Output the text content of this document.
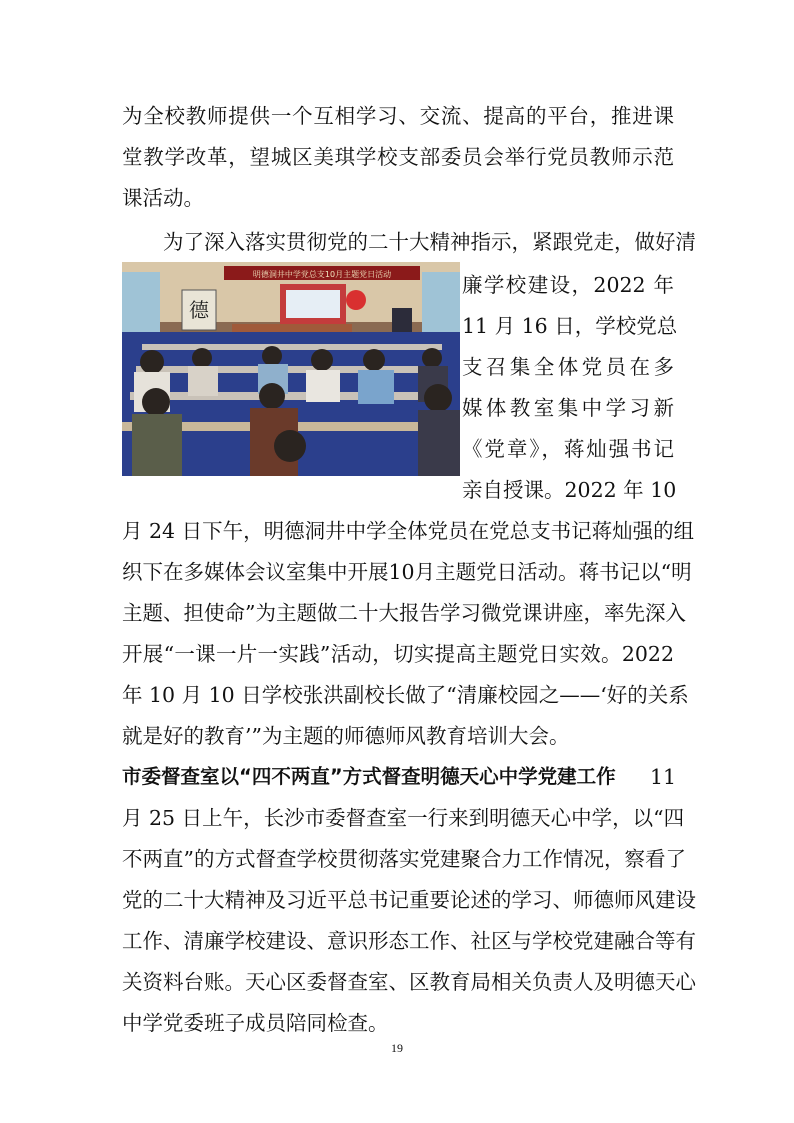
为全校教师提供一个互相学习、交流、提高的平台，推进课
堂教学改革，望城区美琪学校支部委员会举行党员教师示范
课活动。
为了深入落实贯彻党的二十大精神指示，紧跟党走，做好清
明德洞井中学党总支10月主题党日活动
德
廉学校建设，2022 年
11 月 16 日，学校党总
支召集全体党员在多
媒体教室集中学习新
《党章》，蒋灿强书记
亲自授课。2022 年 10
月 24 日下午，明德洞井中学全体党员在党总支书记蒋灿强的组
织下在多媒体会议室集中开展10月主题党日活动。蒋书记以“明
主题、担使命”为主题做二十大报告学习微党课讲座，率先深入
开展“一课一片一实践”活动，切实提高主题党日实效。2022
年 10 月 10 日学校张洪副校长做了“清廉校园之——‘好的关系
就是好的教育’”为主题的师德师风教育培训大会。
市委督查室以“四不两直”方式督查明德天心中学党建工作	11
月 25 日上午，长沙市委督查室一行来到明德天心中学，以“四
不两直”的方式督查学校贯彻落实党建聚合力工作情况，察看了
党的二十大精神及习近平总书记重要论述的学习、师德师风建设
工作、清廉学校建设、意识形态工作、社区与学校党建融合等有
关资料台账。天心区委督查室、区教育局相关负责人及明德天心
中学党委班子成员陪同检查。
19
